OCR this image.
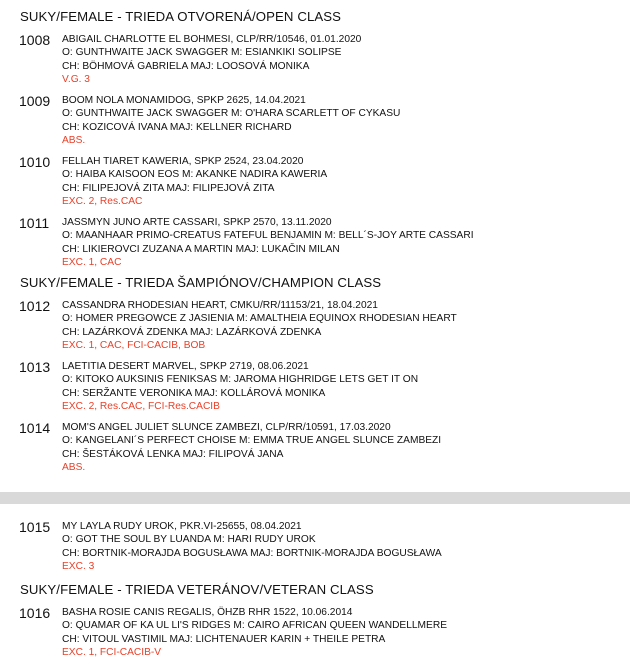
SUKY/FEMALE - TRIEDA OTVORENÁ/OPEN CLASS
1008 ABIGAIL CHARLOTTE EL BOHMESI, CLP/RR/10546, 01.01.2020
O: GUNTHWAITE JACK SWAGGER M: ESIANKIKI SOLIPSE
CH: BÖHMOVÁ GABRIELA MAJ: LOOSOVÁ MONIKA
V.G. 3
1009 BOOM NOLA MONAMIDOG, SPKP 2625, 14.04.2021
O: GUNTHWAITE JACK SWAGGER M: O'HARA SCARLETT OF CYKASU
CH: KOZICOVÁ IVANA MAJ: KELLNER RICHARD
ABS.
1010 FELLAH TIARET KAWERIA, SPKP 2524, 23.04.2020
O: HAIBA KAISOON EOS M: AKANKE NADIRA KAWERIA
CH: FILIPEJOVÁ ZITA MAJ: FILIPEJOVÁ ZITA
EXC. 2, Res.CAC
1011 JASSMYN JUNO ARTE CASSARI, SPKP 2570, 13.11.2020
O: MAANHAAR PRIMO-CREATUS FATEFUL BENJAMIN M: BELL´S-JOY ARTE CASSARI
CH: LIKIEROVCI ZUZANA A MARTIN MAJ: LUKAČIN MILAN
EXC. 1, CAC
SUKY/FEMALE - TRIEDA ŠAMPIÓNOV/CHAMPION CLASS
1012 CASSANDRA RHODESIAN HEART, CMKU/RR/11153/21, 18.04.2021
O: HOMER PREGOWCE Z JASIENIA M: AMALTHEIA EQUINOX RHODESIAN HEART
CH: LAZÁRKOVÁ ZDENKA MAJ: LAZÁRKOVÁ ZDENKA
EXC. 1, CAC, FCI-CACIB, BOB
1013 LAETITIA DESERT MARVEL, SPKP 2719, 08.06.2021
O: KITOKO AUKSINIS FENIKSAS M: JAROMA HIGHRIDGE LETS GET IT ON
CH: SERŽANTE VERONIKA MAJ: KOLLÁROVÁ MONIKA
EXC. 2, Res.CAC, FCI-Res.CACIB
1014 MOM'S ANGEL JULIET SLUNCE ZAMBEZI, CLP/RR/10591, 17.03.2020
O: KANGELANI´S PERFECT CHOISE M: EMMA TRUE ANGEL SLUNCE ZAMBEZI
CH: ŠESTÁKOVÁ LENKA MAJ: FILIPOVÁ JANA
ABS.
1015 MY LAYLA RUDY UROK, PKR.VI-25655, 08.04.2021
O: GOT THE SOUL BY LUANDA M: HARI RUDY UROK
CH: BORTNIK-MORAJDA BOGUSŁAWA MAJ: BORTNIK-MORAJDA BOGUSŁAWA
EXC. 3
SUKY/FEMALE - TRIEDA VETERÁNOV/VETERAN CLASS
1016 BASHA ROSIE CANIS REGALIS, ÖHZB RHR 1522, 10.06.2014
O: QUAMAR OF KA UL LI'S RIDGES M: CAIRO AFRICAN QUEEN WANDELLMERE
CH: VITOUL VASTIMIL MAJ: LICHTENAUER KARIN + THEILE PETRA
EXC. 1, FCI-CACIB-V
